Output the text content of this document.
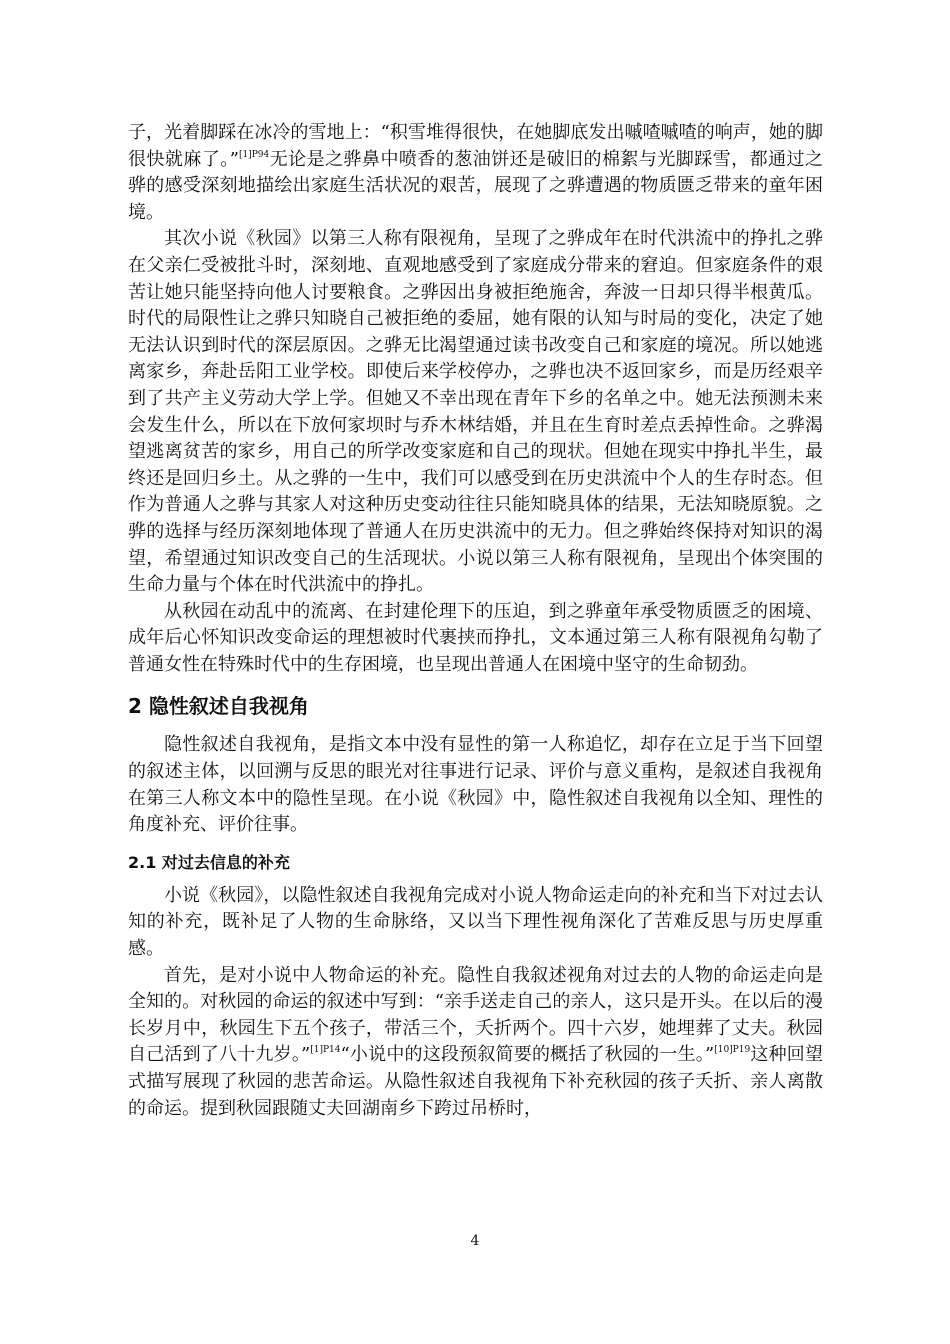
子，光着脚踩在冰冷的雪地上：“积雪堆得很快，在她脚底发出嘁喳嘁喳的响声，她的脚很快就麻了。”$^{[1]P94}$无论是之骅鼻中喷香的葱油饼还是破旧的棉絮与光脚踩雪，都通过之骅的感受深刻地描绘出家庭生活状况的艰苦，展现了之骅遭遇的物质匮乏带来的童年困境。

其次小说《秋园》以第三人称有限视角，呈现了之骅成年在时代洪流中的挣扎之骅在父亲仁受被批斗时，深刻地、直观地感受到了家庭成分带来的窘迫。但家庭条件的艰苦让她只能坚持向他人讨要粮食。之骅因出身被拒绝施舍，奔波一日却只得半根黄瓜。时代的局限性让之骅只知晓自己被拒绝的委屈，她有限的认知与时局的变化，决定了她无法认识到时代的深层原因。之骅无比渴望通过读书改变自己和家庭的境况。所以她逃离家乡，奔赴岳阳工业学校。即使后来学校停办，之骅也决不返回家乡，而是历经艰辛到了共产主义劳动大学上学。但她又不幸出现在青年下乡的名单之中。她无法预测未来会发生什么，所以在下放何家坝时与乔木林结婚，并且在生育时差点丢掉性命。之骅渴望逃离贫苦的家乡，用自己的所学改变家庭和自己的现状。但她在现实中挣扎半生，最终还是回归乡土。从之骅的一生中，我们可以感受到在历史洪流中个人的生存时态。但作为普通人之骅与其家人对这种历史变动往往只能知晓具体的结果，无法知晓原貌。之骅的选择与经历深刻地体现了普通人在历史洪流中的无力。但之骅始终保持对知识的渴望，希望通过知识改变自己的生活现状。小说以第三人称有限视角，呈现出个体突围的生命力量与个体在时代洪流中的挣扎。

从秋园在动乱中的流离、在封建伦理下的压迫，到之骅童年承受物质匮乏的困境、成年后心怀知识改变命运的理想被时代裹挟而挣扎，文本通过第三人称有限视角勾勒了普通女性在特殊时代中的生存困境，也呈现出普通人在困境中坚守的生命韧劲。

2 隐性叙述自我视角

隐性叙述自我视角，是指文本中没有显性的第一人称追忆，却存在立足于当下回望的叙述主体，以回溯与反思的眼光对往事进行记录、评价与意义重构，是叙述自我视角在第三人称文本中的隐性呈现。在小说《秋园》中，隐性叙述自我视角以全知、理性的角度补充、评价往事。

2.1 对过去信息的补充

小说《秋园》，以隐性叙述自我视角完成对小说人物命运走向的补充和当下对过去认知的补充，既补足了人物的生命脉络，又以当下理性视角深化了苦难反思与历史厚重感。

首先，是对小说中人物命运的补充。隐性自我叙述视角对过去的人物的命运走向是全知的。对秋园的命运的叙述中写到：“亲手送走自己的亲人，这只是开头。在以后的漫长岁月中，秋园生下五个孩子，带活三个，夭折两个。四十六岁，她埋葬了丈夫。秋园自己活到了八十九岁。”$^{[1]P14}$“小说中的这段预叙简要的概括了秋园的一生。”$^{[10]P19}$这种回望式描写展现了秋园的悲苦命运。从隐性叙述自我视角下补充秋园的孩子夭折、亲人离散的命运。提到秋园跟随丈夫回湖南乡下跨过吊桥时，

4
